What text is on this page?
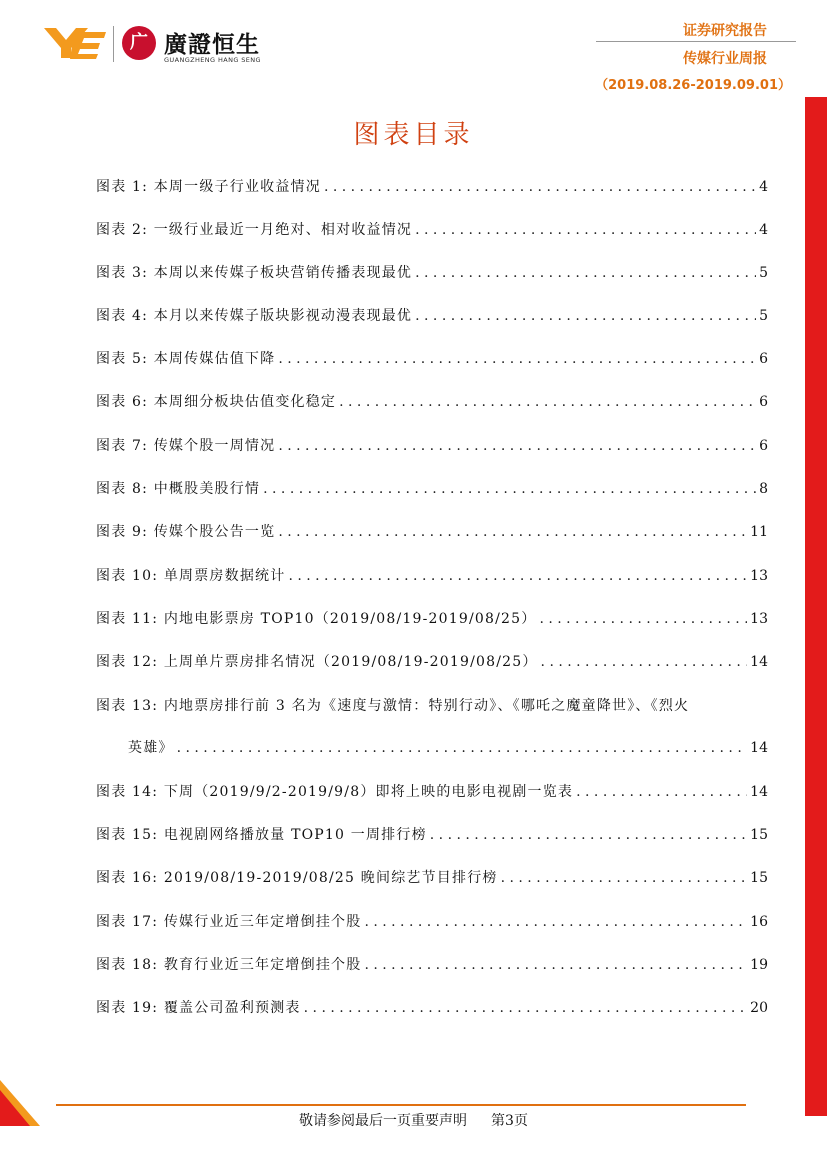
广 廣證恒生
GUANGZHENG HANG SENG
证券研究报告
传媒行业周报
（2019.08.26-2019.09.01）
图表目录
图表 1: 本周一级子行业收益情况 . . .	4
图表 2: 一级行业最近一月绝对、相对收益情况 . . .	4
图表 3: 本周以来传媒子板块营销传播表现最优 . . .	5
图表 4: 本月以来传媒子版块影视动漫表现最优 . . .	5
图表 5: 本周传媒估值下降 . . .	6
图表 6: 本周细分板块估值变化稳定 . . .	6
图表 7: 传媒个股一周情况 . . .	6
图表 8: 中概股美股行情 . . .	8
图表 9: 传媒个股公告一览 . . .	11
图表 10: 单周票房数据统计 . . .	13
图表 11: 内地电影票房 TOP10（2019/08/19-2019/08/25） . . .	13
图表 12: 上周单片票房排名情况（2019/08/19-2019/08/25） . . .	14
图表 13: 内地票房排行前 3 名为《速度与激情：特别行动》、《哪吒之魔童降世》、《烈火
英雄》 . . .	14
图表 14: 下周（2019/9/2-2019/9/8）即将上映的电影电视剧一览表 . . .	14
图表 15: 电视剧网络播放量 TOP10 一周排行榜 . . .	15
图表 16: 2019/08/19-2019/08/25 晚间综艺节目排行榜 . . .	15
图表 17: 传媒行业近三年定增倒挂个股 . . .	16
图表 18: 教育行业近三年定增倒挂个股 . . .	19
图表 19: 覆盖公司盈利预测表 . . .	20
敬请参阅最后一页重要声明 第3页
